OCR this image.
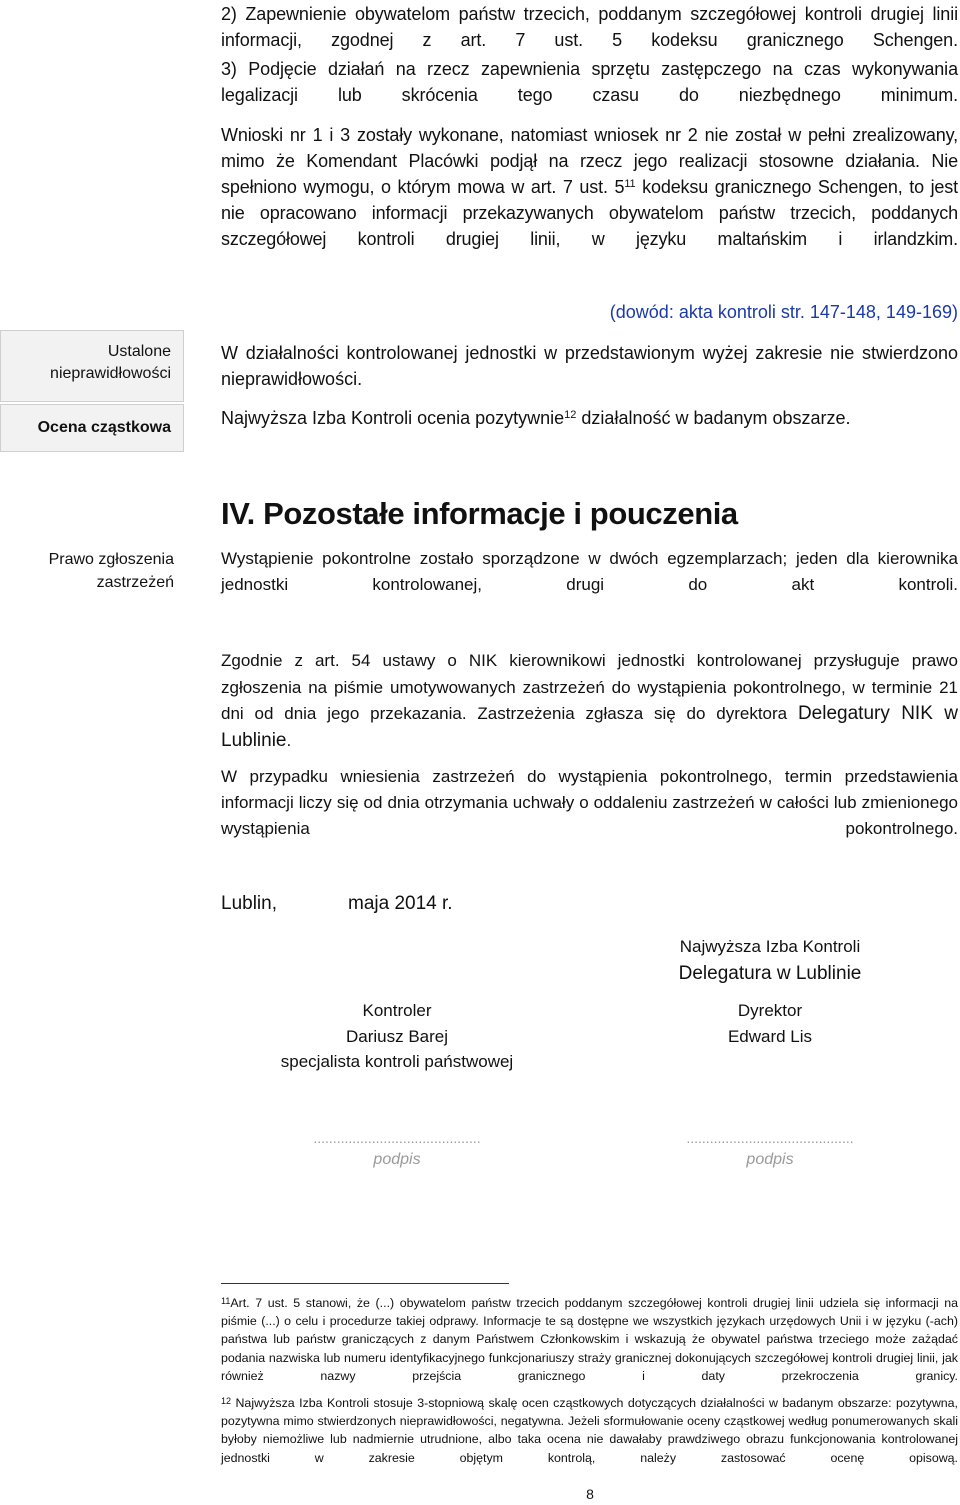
Ustalone nieprawidłowości
Ocena cząstkowa

2) Zapewnienie obywatelom państw trzecich, poddanym szczegółowej kontroli drugiej linii informacji, zgodnej z art. 7 ust. 5 kodeksu granicznego Schengen.

3) Podjęcie działań na rzecz zapewnienia sprzętu zastępczego na czas wykonywania legalizacji lub skrócenia tego czasu do niezbędnego minimum.

Wnioski nr 1 i 3 zostały wykonane, natomiast wniosek nr 2 nie został w pełni zrealizowany, mimo że Komendant Placówki podjął na rzecz jego realizacji stosowne działania. Nie spełniono wymogu, o którym mowa w art. 7 ust. $5^{11}$ kodeksu granicznego Schengen, to jest nie opracowano informacji przekazywanych obywatelom państw trzecich, poddanych szczegółowej kontroli drugiej linii, w języku maltańskim i irlandzkim.

(dowód: akta kontroli str. 147-148, 149-169)

W działalności kontrolowanej jednostki w przedstawionym wyżej zakresie nie stwierdzono nieprawidłowości.

Najwyższa Izba Kontroli ocenia pozytywnie$^{12}$ działalność w badanym obszarze.

IV. Pozostałe informacje i pouczenia
Prawo zgłoszenia zastrzeżeń

Wystąpienie pokontrolne zostało sporządzone w dwóch egzemplarzach; jeden dla kierownika jednostki kontrolowanej, drugi do akt kontroli.

Zgodnie z art. 54 ustawy o NIK kierownikowi jednostki kontrolowanej przysługuje prawo zgłoszenia na piśmie umotywowanych zastrzeżeń do wystąpienia pokontrolnego, w terminie 21 dni od dnia jego przekazania. Zastrzeżenia zgłasza się do dyrektora Delegatury NIK w Lublinie.

W przypadku wniesienia zastrzeżeń do wystąpienia pokontrolnego, termin przedstawienia informacji liczy się od dnia otrzymania uchwały o oddaleniu zastrzeżeń w całości lub zmienionego wystąpienia pokontrolnego.

Lublin,	maja 2014 r.
Najwyższa Izba Kontroli
Delegatura w Lublinie
Kontroler
Dariusz Barej
specjalista kontroli państwowej
Dyrektor
Edward Lis
...........................................
podpis
...........................................
podpis

$^{11}$Art. 7 ust. 5 stanowi, że (...) obywatelom państw trzecich poddanym szczegółowej kontroli drugiej linii udziela się informacji na piśmie (...) o celu i procedurze takiej odprawy. Informacje te są dostępne we wszystkich językach urzędowych Unii i w języku (-ach) państwa lub państw graniczących z danym Państwem Członkowskim i wskazują że obywatel państwa trzeciego może zażądać podania nazwiska lub numeru identyfikacyjnego funkcjonariuszy straży granicznej dokonujących szczegółowej kontroli drugiej linii, jak również nazwy przejścia granicznego i daty przekroczenia granicy.

$^{12}$ Najwyższa Izba Kontroli stosuje 3-stopniową skalę ocen cząstkowych dotyczących działalności w badanym obszarze: pozytywna, pozytywna mimo stwierdzonych nieprawidłowości, negatywna. Jeżeli sformułowanie oceny cząstkowej według ponumerowanych skali byłoby niemożliwe lub nadmiernie utrudnione, albo taka ocena nie dawałaby prawdziwego obrazu funkcjonowania kontrolowanej jednostki w zakresie objętym kontrolą, należy zastosować ocenę opisową.

8
